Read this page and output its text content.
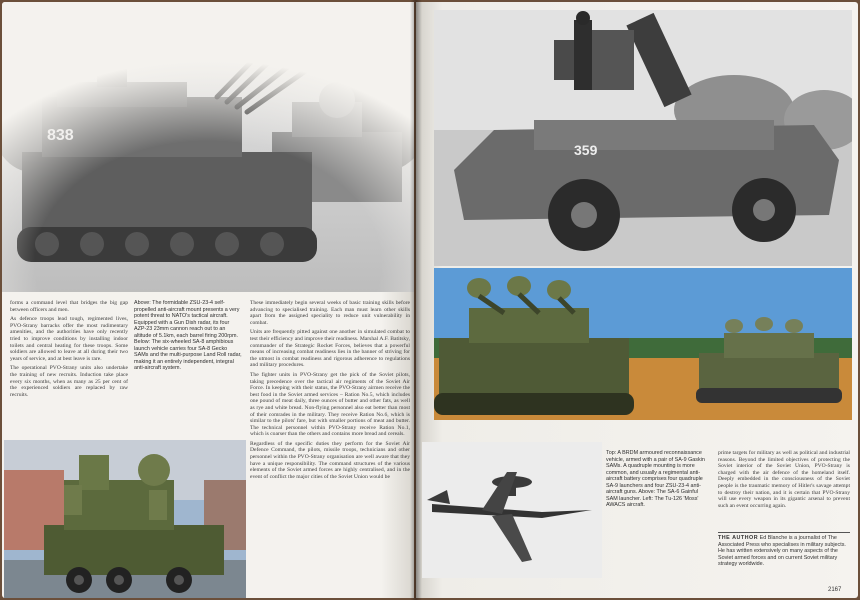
forms a command level that bridges the big gap between officers and men.

As defence troops lead tough, regimented lives, PVO-Strany barracks offer the most rudimentary amenities, and the authorities have only recently tried to improve conditions by installing indoor toilets and central heating for these troops. Some soldiers are allowed to leave at all during their two years of service, and at best leave is rare.

The operational PVO-Strany units also undertake the training of new recruits. Induction take place every six months, when as many as 25 per cent of the experienced soldiers are replaced by raw recruits.

Above: The formidable ZSU-23-4 self-propelled anti-aircraft mount presents a very potent threat to NATO's tactical aircraft. Equipped with a Gun Dish radar, its four AZP-23 23mm cannon reach out to an altitude of 5.1km, each barrel firing 200rpm. Below: The six-wheeled SA-8 amphibious launch vehicle carries four SA-8 Gecko SAMs and the multi-purpose Land Roll radar, making it an entirely independent, integral anti-aircraft system.

These immediately begin several weeks of basic training skills before advancing to specialised training. Each man must learn other skills apart from the assigned speciality to reduce unit vulnerability in combat.

Units are frequently pitted against one another in simulated combat to test their efficiency and improve their readiness. Marshal A.F. Batitsky, commander of the Strategic Rocket Forces, believes that a powerful means of increasing combat readiness lies in the banner of striving for the utmost in combat readiness and rigorous adherence to regulations and military procedures.

The fighter units in PVO-Strany get the pick of the Soviet pilots, taking precedence over the tactical air regiments of the Soviet Air Force. In keeping with their status, the PVO-Strany airmen receive the best food in the Soviet armed services – Ration No.5, which includes one pound of meat daily, three ounces of butter and other fats, as well as rye and white bread. Non-flying personnel also eat better than most of their comrades in the military. They receive Ration No.6, which is similar to the pilots' fare, but with smaller portions of meat and butter. The technical personnel within PVO-Strany receive Ration No.1, which is coarser than the others and contains more bread and cereals.

Regardless of the specific duties they perform for the Soviet Air Defence Command, the pilots, missile troops, technicians and other personnel within the PVO-Strany organisation are well aware that they have a unique responsibility. The command structures of the various elements of the Soviet armed forces are highly centralised, and in the event of conflict the major cities of the Soviet Union would be

359
Top: A BRDM armoured reconnaissance vehicle, armed with a pair of SA-9 Gaskin SAMs. A quadruple mounting is more common, and usually a regimental anti-aircraft battery comprises four quadruple SA-9 launchers and four ZSU-23-4 anti-aircraft guns. Above: The SA-6 Gainful SAM launcher. Left: The Tu-126 'Moss' AWACS aircraft.
prime targets for military as well as political and industrial reasons. Beyond the limited objectives of protecting the Soviet interior of the Soviet Union, PVO-Strany is charged with the air defence of the homeland itself. Deeply embedded in the consciousness of the Soviet people is the traumatic memory of Hitler's savage attempt to destroy their nation, and it is certain that PVO-Strany will use every weapon in its gigantic arsenal to prevent such an event occurring again.
THE AUTHOR Ed Blanche is a journalist of The Associated Press who specialises in military subjects. He has written extensively on many aspects of the Soviet armed forces and on current Soviet military strategy worldwide.
2167
